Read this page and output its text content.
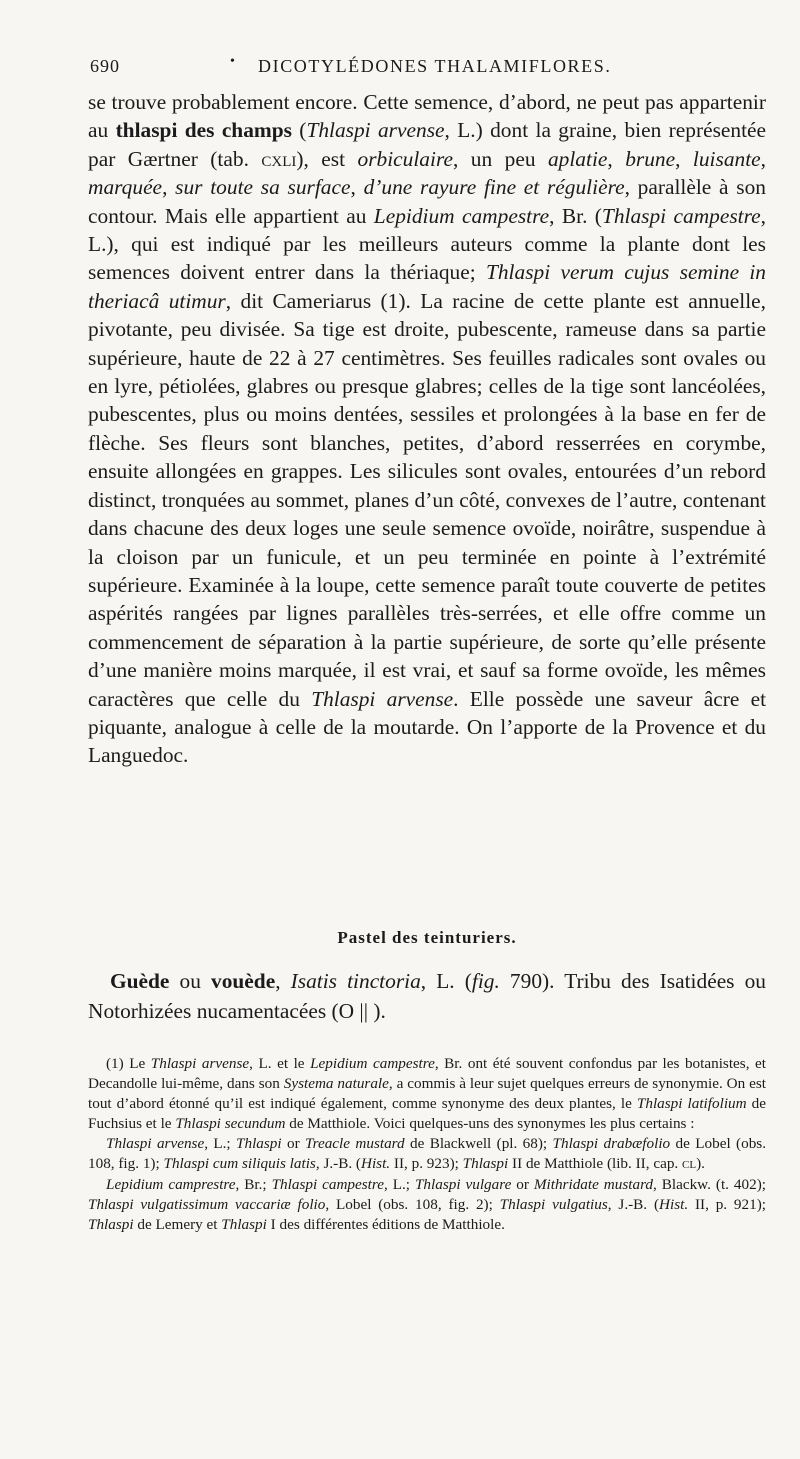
690	• DICOTYLÉDONES THALAMIFLORES.

se trouve probablement encore. Cette semence, d’abord, ne peut pas appartenir au thlaspi des champs (Thlaspi arvense, L.) dont la graine, bien représentée par Gærtner (tab. cxli), est orbiculaire, un peu aplatie, brune, luisante, marquée, sur toute sa surface, d’une rayure fine et régulière, parallèle à son contour. Mais elle appartient au Lepidium campestre, Br. (Thlaspi campestre, L.), qui est indiqué par les meilleurs auteurs comme la plante dont les semences doivent entrer dans la thériaque; Thlaspi verum cujus semine in theriacâ utimur, dit Cameriarus (1). La racine de cette plante est annuelle, pivotante, peu divisée. Sa tige est droite, pubescente, rameuse dans sa partie supérieure, haute de 22 à 27 centimètres. Ses feuilles radicales sont ovales ou en lyre, pétiolées, glabres ou presque glabres; celles de la tige sont lancéolées, pubescentes, plus ou moins dentées, sessiles et prolongées à la base en fer de flèche. Ses fleurs sont blanches, petites, d’abord resserrées en corymbe, ensuite allongées en grappes. Les silicules sont ovales, entourées d’un rebord distinct, tronquées au sommet, planes d’un côté, convexes de l’autre, contenant dans chacune des deux loges une seule semence ovoïde, noirâtre, suspendue à la cloison par un funicule, et un peu terminée en pointe à l’extrémité supérieure. Examinée à la loupe, cette semence paraît toute couverte de petites aspérités rangées par lignes parallèles très-serrées, et elle offre comme un commencement de séparation à la partie supérieure, de sorte qu’elle présente d’une manière moins marquée, il est vrai, et sauf sa forme ovoïde, les mêmes caractères que celle du Thlaspi arvense. Elle possède une saveur âcre et piquante, analogue à celle de la moutarde. On l’apporte de la Provence et du Languedoc.

Pastel des teinturiers.

Guède ou vouède, Isatis tinctoria, L. (fig. 790). Tribu des Isatidées ou Notorhizées nucamentacées (O || ).

(1) Le Thlaspi arvense, L. et le Lepidium campestre, Br. ont été souvent confondus par les botanistes, et Decandolle lui-même, dans son Systema naturale, a commis à leur sujet quelques erreurs de synonymie. On est tout d’abord étonné qu’il est indiqué également, comme synonyme des deux plantes, le Thlaspi latifolium de Fuchsius et le Thlaspi secundum de Matthiole. Voici quelques-uns des synonymes les plus certains :

Thlaspi arvense, L.; Thlaspi or Treacle mustard de Blackwell (pl. 68); Thlaspi drabæfolio de Lobel (obs. 108, fig. 1); Thlaspi cum siliquis latis, J.-B. (Hist. II, p. 923); Thlaspi II de Matthiole (lib. II, cap. cl).

Lepidium camprestre, Br.; Thlaspi campestre, L.; Thlaspi vulgare or Mithridate mustard, Blackw. (t. 402); Thlaspi vulgatissimum vaccariæ folio, Lobel (obs. 108, fig. 2); Thlaspi vulgatius, J.-B. (Hist. II, p. 921); Thlaspi de Lemery et Thlaspi I des différentes éditions de Matthiole.
